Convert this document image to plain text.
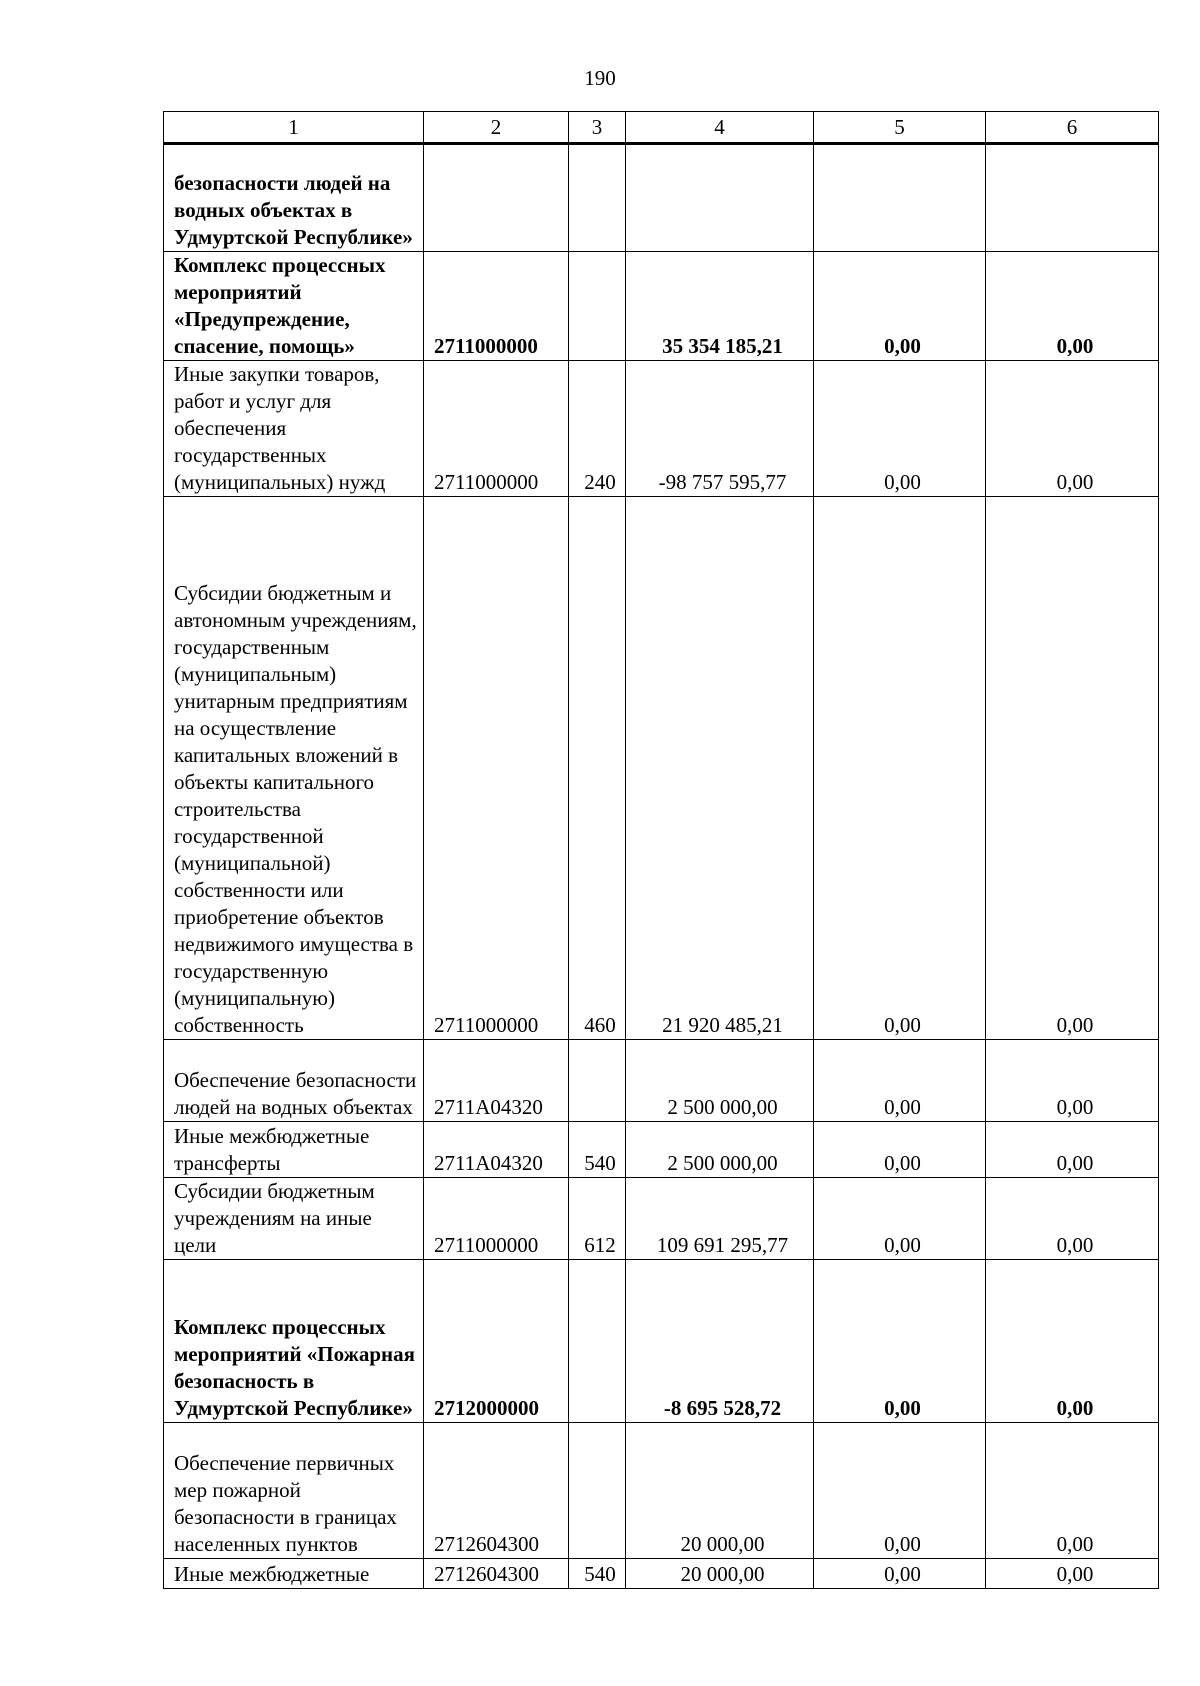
190
1	2	3	4	5	6
безопасности людей на водных объектах в Удмуртской Республике»					
Комплекс процессных мероприятий «Предупреждение, спасение, помощь»	2711000000		35 354 185,21	0,00	0,00
Иные закупки товаров, работ и услуг для обеспечения государственных (муниципальных) нужд	2711000000	240	-98 757 595,77	0,00	0,00
Субсидии бюджетным и автономным учреждениям, государственным (муниципальным) унитарным предприятиям на осуществление капитальных вложений в объекты капитального строительства государственной (муниципальной) собственности или приобретение объектов недвижимого имущества в государственную (муниципальную) собственность	2711000000	460	21 920 485,21	0,00	0,00
Обеспечение безопасности людей на водных объектах	2711А04320		2 500 000,00	0,00	0,00
Иные межбюджетные трансферты	2711А04320	540	2 500 000,00	0,00	0,00
Субсидии бюджетным учреждениям на иные цели	2711000000	612	109 691 295,77	0,00	0,00
Комплекс процессных мероприятий «Пожарная безопасность в Удмуртской Республике»	2712000000		-8 695 528,72	0,00	0,00
Обеспечение первичных мер пожарной безопасности в границах населенных пунктов	2712604300		20 000,00	0,00	0,00
Иные межбюджетные	2712604300	540	20 000,00	0,00	0,00
